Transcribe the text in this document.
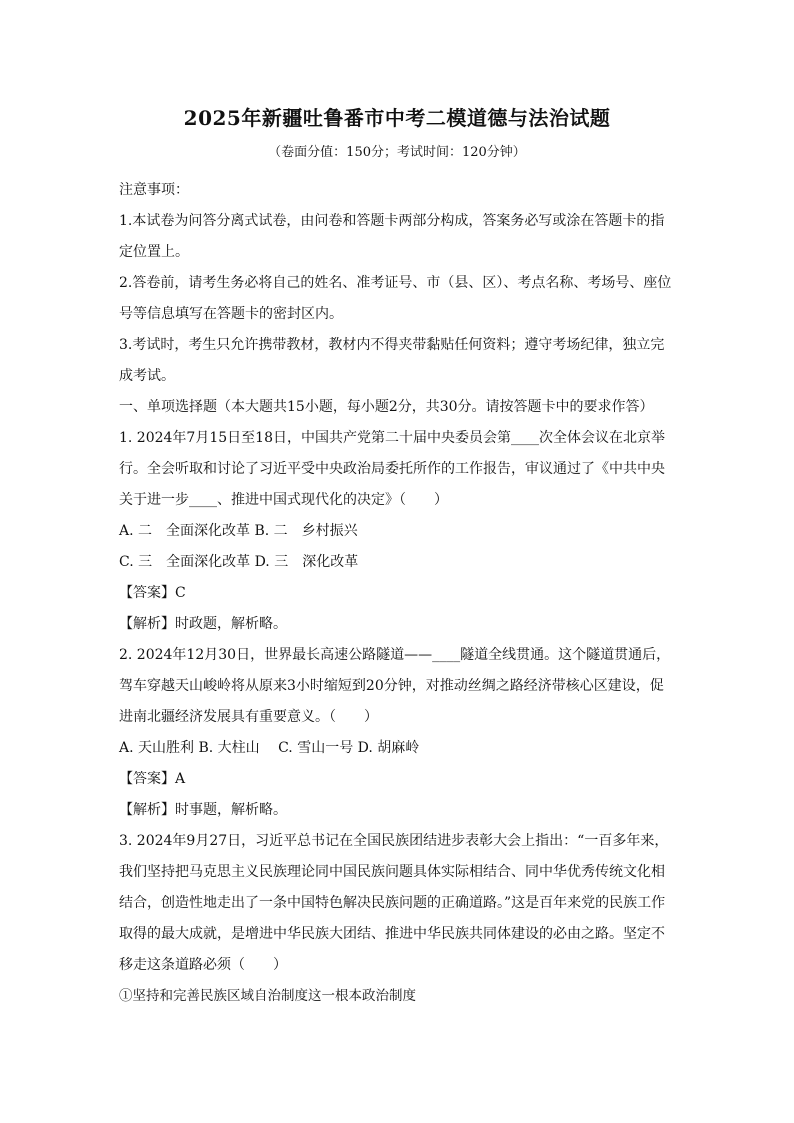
2025年新疆吐鲁番市中考二模道德与法治试题
（卷面分值：150分；考试时间：120分钟）

注意事项：

1.本试卷为问答分离式试卷，由问卷和答题卡两部分构成，答案务必写或涂在答题卡的指定位置上。

2.答卷前，请考生务必将自己的姓名、准考证号、市（县、区）、考点名称、考场号、座位号等信息填写在答题卡的密封区内。

3.考试时，考生只允许携带教材，教材内不得夹带黏贴任何资料；遵守考场纪律，独立完成考试。

一、单项选择题（本大题共15小题，每小题2分，共30分。请按答题卡中的要求作答）

1. 2024年7月15日至18日，中国共产党第二十届中央委员会第____次全体会议在北京举行。全会听取和讨论了习近平受中央政治局委托所作的工作报告，审议通过了《中共中央关于进一步____、推进中国式现代化的决定》（　　）

A. 二　全面深化改革 B. 二　乡村振兴

C. 三　全面深化改革 D. 三　深化改革

【答案】C

【解析】时政题，解析略。

2. 2024年12月30日，世界最长高速公路隧道——____隧道全线贯通。这个隧道贯通后，驾车穿越天山峻岭将从原来3小时缩短到20分钟，对推动丝绸之路经济带核心区建设，促进南北疆经济发展具有重要意义。（　　）

A. 天山胜利 B. 大柱山　 C. 雪山一号 D. 胡麻岭

【答案】A

【解析】时事题，解析略。

3. 2024年9月27日，习近平总书记在全国民族团结进步表彰大会上指出：“一百多年来，我们坚持把马克思主义民族理论同中国民族问题具体实际相结合、同中华优秀传统文化相结合，创造性地走出了一条中国特色解决民族问题的正确道路。”这是百年来党的民族工作取得的最大成就，是增进中华民族大团结、推进中华民族共同体建设的必由之路。坚定不移走这条道路必须（　　）

①坚持和完善民族区域自治制度这一根本政治制度
